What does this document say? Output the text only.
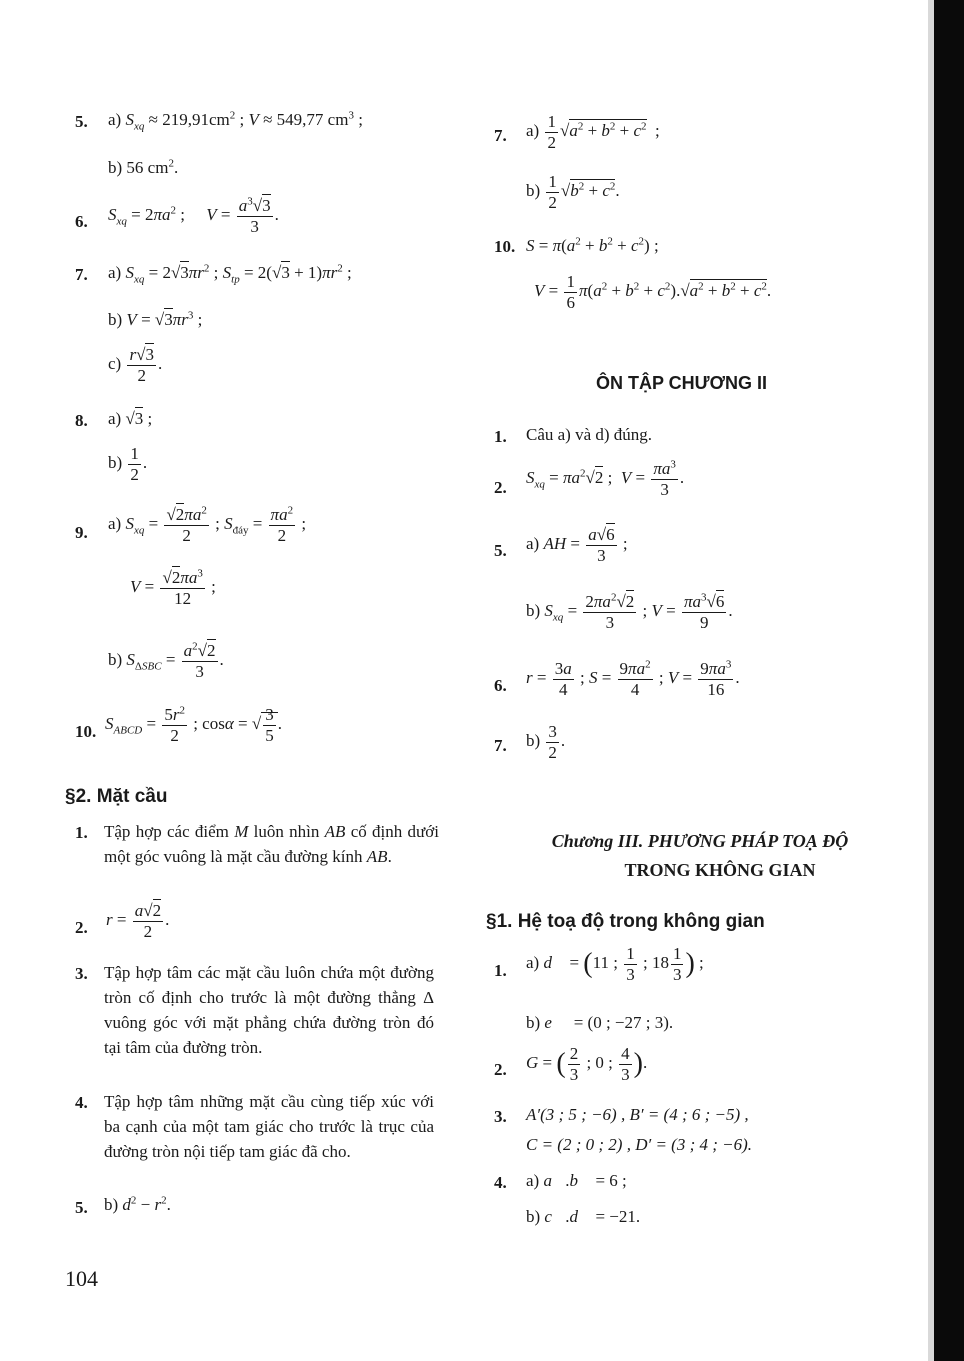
5. a) $S_{xq} \approx 219,91cm^2$ ; V ≈ 549,77 $cm^3$ ;
b) 56 $cm^2$.
6. $S_{xq} = 2\pi a^2$ ;     $V = \frac{a^3√3}{3}$ .
7. a) $S_{xq} = 2√3\pi r^2$ ; $S_{tp} = 2(√3 + 1)\pi r^2$ ;
b) $V = √3\pi r^3$ ;
$c) \frac{r√3}{2}$ .
8. a) √3 ;
$b) \frac{1}{2}$ .
9. a) $S_{xq} = \frac{√2\pi a^2}{2}$ ; $S_{đáy} = \frac{\pi a^2}{2}$ ;
$V = \frac{√2\pi a^3}{12}$ ;
b) $S_{\Delta SBC} = \frac{a^2√2}{3}$ .
10. $S_{ABCD} = \frac{5r^2}{2}$ ; cosα = √ $\frac{3}{5}$ .
§2. Mặt cầu
1. Tập hợp các điểm M luôn nhìn AB cố định dưới một góc vuông là mặt cầu đường kính AB.
2. $r = \frac{a√2}{2}$ .
3. Tập hợp tâm các mặt cầu luôn chứa một đường tròn cố định cho trước là một đường thẳng Δ vuông góc với mặt phẳng chứa đường tròn đó tại tâm của đường tròn.
4. Tập hợp tâm những mặt cầu cùng tiếp xúc với ba cạnh của một tam giác cho trước là trục của đường tròn nội tiếp tam giác đã cho.
5. b) $d^2 - r^2$.
104
7. $a) \frac{1}{2} √a^2 + b^2 + c^2$  ;
$b) \frac{1}{2} √b^2 + c^2$.
10. $S = \pi(a^2 + b^2 + c^2)$ ;
$V = \frac{1}{6} \pi(a^2 + b^2 + c^2).√a^2 + b^2 + c^2$.
ÔN TẬP CHƯƠNG II
1. Câu a) và d) đúng.
2.
$S_{xq} = \pi a^2√2$ ;  $V = \frac{\pi a^3}{3}$ .
5. a) AH = $\frac{a√6}{3}$ ;
b) $S_{xq} = \frac{2\pi a^2√2}{3}$ ; $V = \frac{\pi a^3√6}{9}$ .
6. $r = \frac{3a}{4}$ ; $S = \frac{9\pi a^2}{4}$ ; $V = \frac{9\pi a^3}{16}$ .
7. $b) \frac{3}{2}$ .
Chương III. PHƯƠNG PHÁP TOẠ ĐỘ
TRONG KHÔNG GIAN
§1. Hệ toạ độ trong không gian
1. a) d⃗ = (11 ; $\frac{1}{3}$ ; $18 \frac{1}{3}$ ) ;
b) e⃗  = (0 ; −27 ; 3).
2. G = ( $\frac{2}{3}$ ; 0 ; $\frac{4}{3}$ ).
3. A′(3 ; 5 ; −6) , B′ = (4 ; 6 ; −5) ,
C = (2 ; 0 ; 2) , D′ = (3 ; 4 ; −6).
4. a) a⃗.b⃗ = 6 ;
b) c⃗.d⃗ = −21.
